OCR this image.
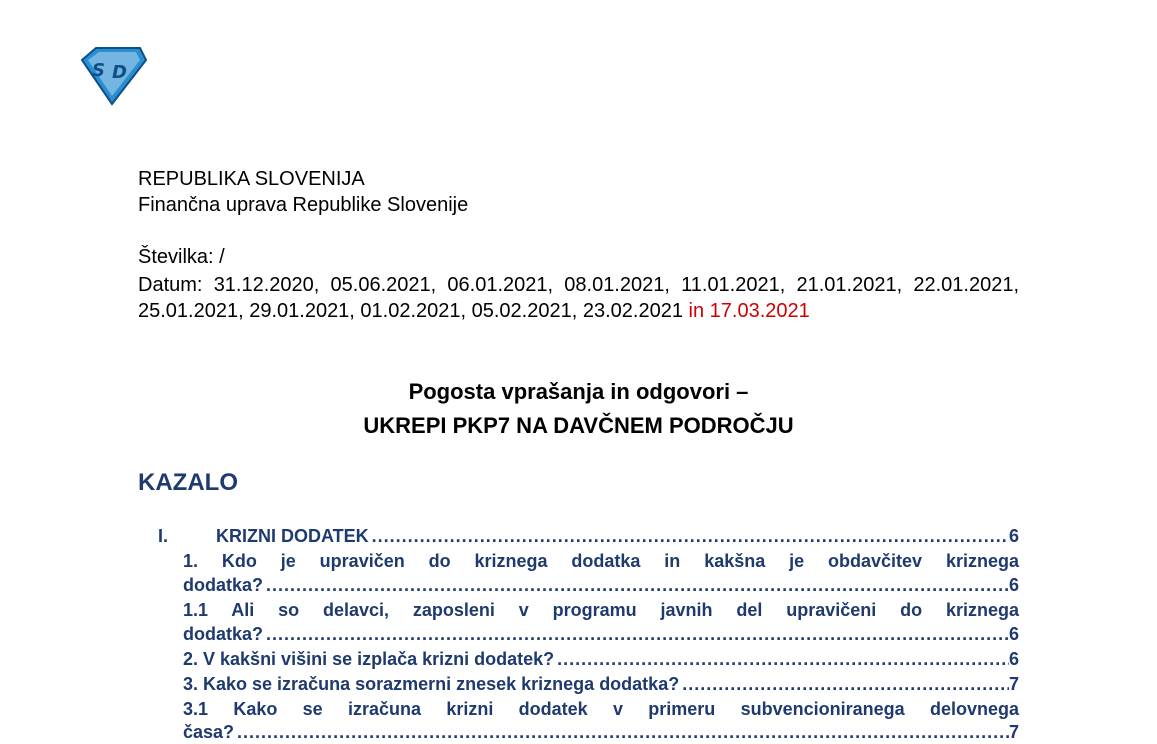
S D
REPUBLIKA SLOVENIJA
Finančna uprava Republike Slovenije
Številka: /
Datum: 31.12.2020, 05.06.2021, 06.01.2021, 08.01.2021, 11.01.2021, 21.01.2021, 22.01.2021, 25.01.2021, 29.01.2021, 01.02.2021, 05.02.2021, 23.02.2021 in 17.03.2021
Pogosta vprašanja in odgovori –
UKREPI PKP7 NA DAVČNEM PODROČJU
KAZALO
I.	KRIZNI DODATEK .....	6
1. Kdo je upravičen do kriznega dodatka in kakšna je obdavčitev kriznega
dodatka? .....	6
1.1 Ali so delavci, zaposleni v programu javnih del upravičeni do kriznega
dodatka? .....	6
2. V kakšni višini se izplača krizni dodatek? .....	6
3. Kako se izračuna sorazmerni znesek kriznega dodatka? .....	7
3.1 Kako se izračuna krizni dodatek v primeru subvencioniranega delovnega
časa? .....	7
